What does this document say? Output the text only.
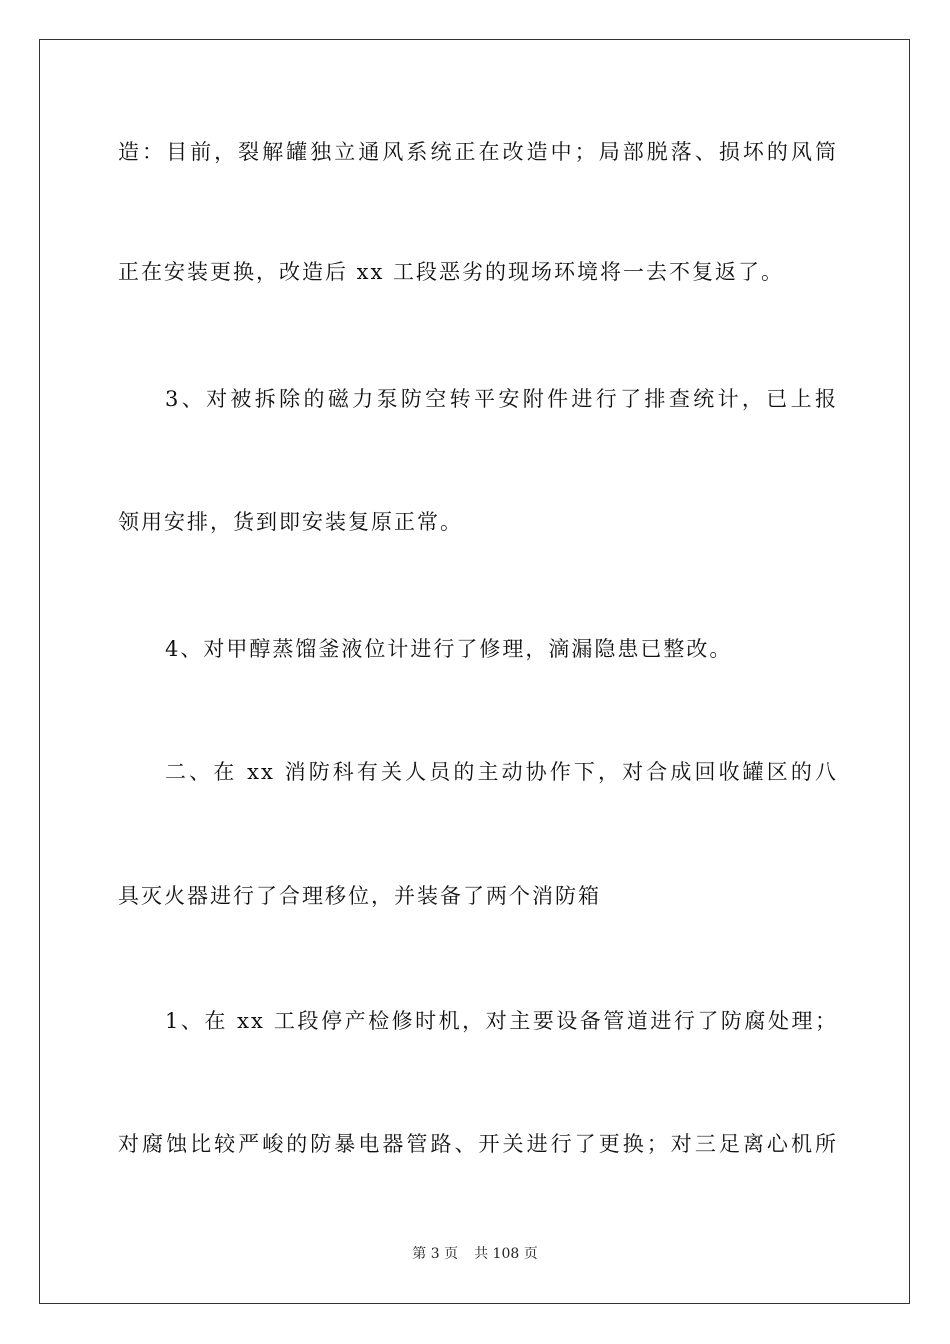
造：目前，裂解罐独立通风系统正在改造中；局部脱落、损坏的风筒
正在安装更换，改造后 xx 工段恶劣的现场环境将一去不复返了。
3、对被拆除的磁力泵防空转平安附件进行了排查统计，已上报
领用安排，货到即安装复原正常。
4、对甲醇蒸馏釜液位计进行了修理，滴漏隐患已整改。
二、在 xx 消防科有关人员的主动协作下，对合成回收罐区的八
具灭火器进行了合理移位，并装备了两个消防箱
1、在 xx 工段停产检修时机，对主要设备管道进行了防腐处理；
对腐蚀比较严峻的防暴电器管路、开关进行了更换；对三足离心机所
第 3 页 共 108 页
